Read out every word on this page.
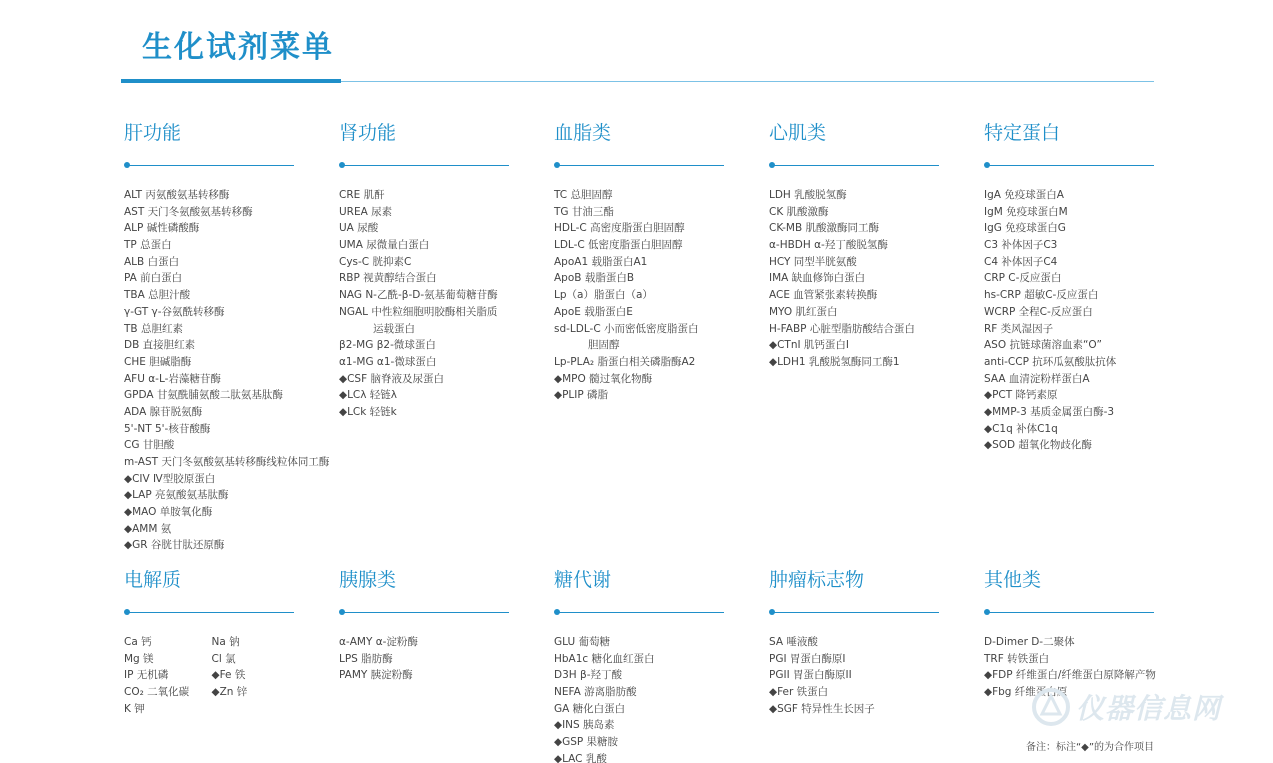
生化试剂菜单
肝功能
ALT 丙氨酸氨基转移酶
AST 天门冬氨酸氨基转移酶
ALP 碱性磷酸酶
TP 总蛋白
ALB 白蛋白
PA 前白蛋白
TBA 总胆汁酸
γ-GT γ-谷氨酰转移酶
TB 总胆红素
DB 直接胆红素
CHE 胆碱脂酶
AFU α-L-岩藻糖苷酶
GPDA 甘氨酰脯氨酸二肽氨基肽酶
ADA 腺苷脱氨酶
5'-NT 5'-核苷酸酶
CG 甘胆酸
m-AST 天门冬氨酸氨基转移酶线粒体同工酶
◆CIV Ⅳ型胶原蛋白
◆LAP 亮氨酸氨基肽酶
◆MAO 单胺氧化酶
◆AMM 氨
◆GR 谷胱甘肽还原酶
肾功能
CRE 肌酐
UREA 尿素
UA 尿酸
UMA 尿微量白蛋白
Cys-C 胱抑素C
RBP 视黄醇结合蛋白
NAG N-乙酰-β-D-氨基葡萄糖苷酶
NGAL 中性粒细胞明胶酶相关脂质
运载蛋白
β2-MG β2-微球蛋白
α1-MG α1-微球蛋白
◆CSF 脑脊液及尿蛋白
◆LCλ 轻链λ
◆LCk 轻链k
血脂类
TC 总胆固醇
TG 甘油三酯
HDL-C 高密度脂蛋白胆固醇
LDL-C 低密度脂蛋白胆固醇
ApoA1 载脂蛋白A1
ApoB 载脂蛋白B
Lp（a）脂蛋白（a）
ApoE 载脂蛋白E
sd-LDL-C 小而密低密度脂蛋白
胆固醇
Lp-PLA₂ 脂蛋白相关磷脂酶A2
◆MPO 髓过氧化物酶
◆PLIP 磷脂
心肌类
LDH 乳酸脱氢酶
CK 肌酸激酶
CK-MB 肌酸激酶同工酶
α-HBDH α-羟丁酸脱氢酶
HCY 同型半胱氨酸
IMA 缺血修饰白蛋白
ACE 血管紧张素转换酶
MYO 肌红蛋白
H-FABP 心脏型脂肪酸结合蛋白
◆CTnI 肌钙蛋白I
◆LDH1 乳酸脱氢酶同工酶1
特定蛋白
IgA 免疫球蛋白A
IgM 免疫球蛋白M
IgG 免疫球蛋白G
C3 补体因子C3
C4 补体因子C4
CRP C-反应蛋白
hs-CRP 超敏C-反应蛋白
WCRP 全程C-反应蛋白
RF 类风湿因子
ASO 抗链球菌溶血素“O”
anti-CCP 抗环瓜氨酸肽抗体
SAA 血清淀粉样蛋白A
◆PCT 降钙素原
◆MMP-3 基质金属蛋白酶-3
◆C1q 补体C1q
◆SOD 超氧化物歧化酶
电解质
Ca 钙
Mg 镁
IP 无机磷
CO₂ 二氧化碳
K 钾
Na 钠
Cl 氯
◆Fe 铁
◆Zn 锌
胰腺类
α-AMY α-淀粉酶
LPS 脂肪酶
PAMY 胰淀粉酶
糖代谢
GLU 葡萄糖
HbA1c 糖化血红蛋白
D3H β-羟丁酸
NEFA 游离脂肪酸
GA 糖化白蛋白
◆INS 胰岛素
◆GSP 果糖胺
◆LAC 乳酸
肿瘤标志物
SA 唾液酸
PGI 胃蛋白酶原I
PGII 胃蛋白酶原II
◆Fer 铁蛋白
◆SGF 特异性生长因子
其他类
D-Dimer D-二聚体
TRF 转铁蛋白
◆FDP 纤维蛋白/纤维蛋白原降解产物
◆Fbg 纤维蛋白原 仪器信息网
备注：标注“◆”的为合作项目
